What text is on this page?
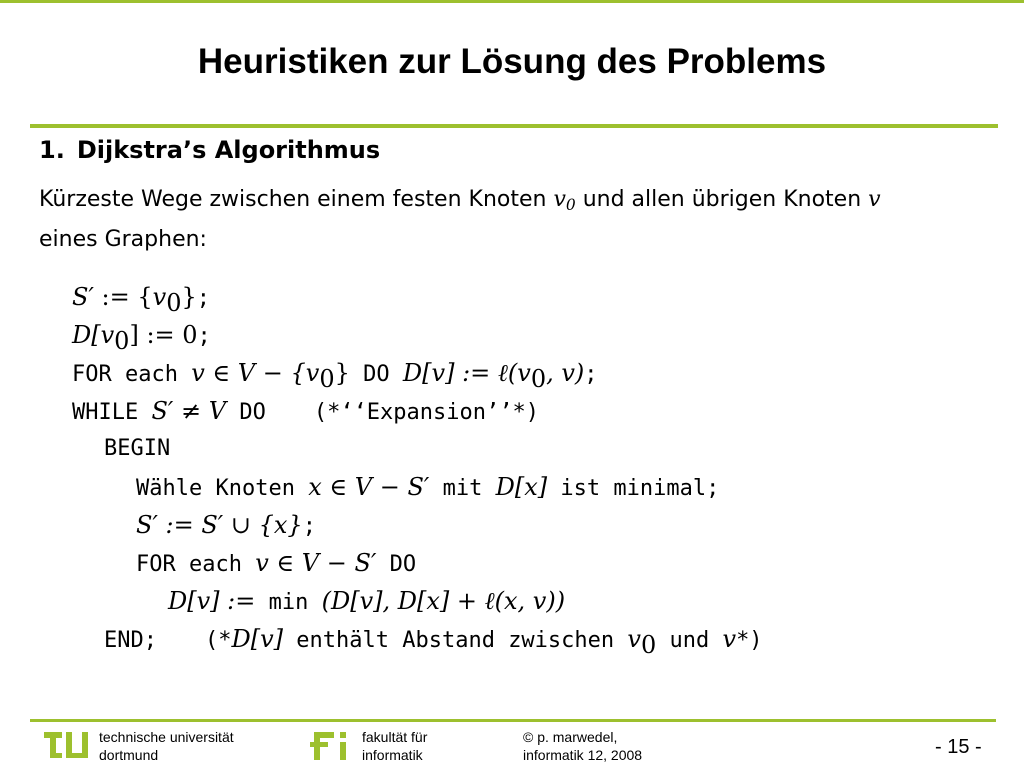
Heuristiken zur Lösung des Problems
1. Dijkstra’s Algorithmus
Kürzeste Wege zwischen einem festen Knoten $v_0$ und allen übrigen Knoten v
eines Graphen:
S′ := $\{v_0\}$;
$D[v_0]$ := 0;
FOR each v ∈ $V - \{v_0\}$ DO D[v] := $\ell(v_0$, v);
WHILE S′ ≠ V DO (*‘‘Expansion’’*)
BEGIN
Wähle Knoten x ∈ V − S′ mit D[x] ist minimal;
S′ := S′ ∪ {x};
FOR each v ∈ V − S′ DO
D[v] := min (D[v], D[x] + ℓ(x, v))
END; (*D[v] enthält Abstand zwischen $v_0$ und v*)
technische universität
dortmund
fakultät für
informatik
© p. marwedel,
informatik 12, 2008	- 15 -
